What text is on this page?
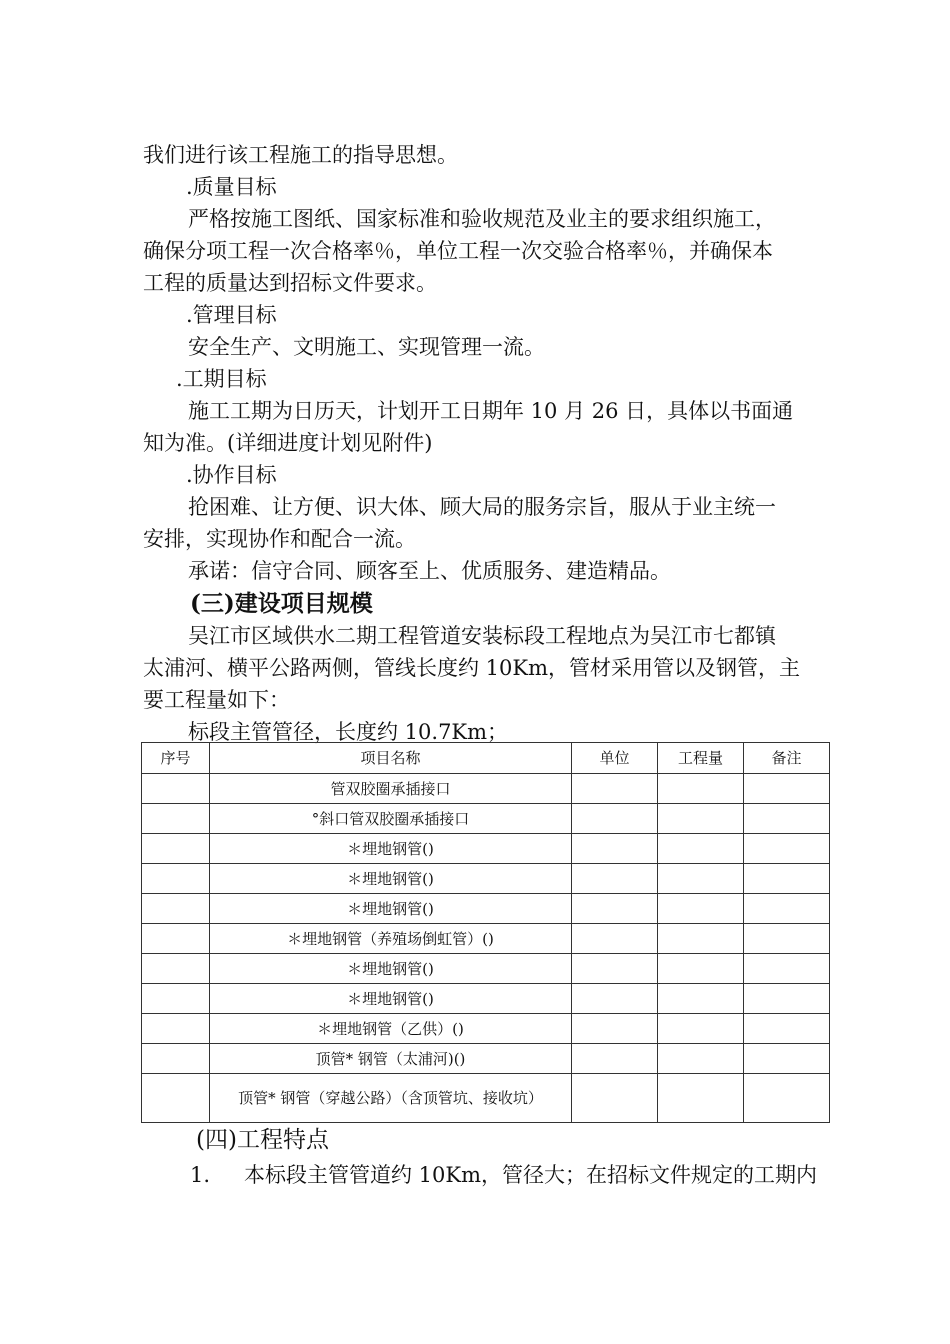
我们进行该工程施工的指导思想。
.质量目标
严格按施工图纸、国家标准和验收规范及业主的要求组织施工，
确保分项工程一次合格率％，单位工程一次交验合格率％，并确保本
工程的质量达到招标文件要求。
.管理目标
安全生产、文明施工、实现管理一流。
.工期目标
施工工期为日历天，计划开工日期年 10 月 26 日，具体以书面通
知为准。(详细进度计划见附件)
.协作目标
抢困难、让方便、识大体、顾大局的服务宗旨，服从于业主统一
安排，实现协作和配合一流。
承诺：信守合同、顾客至上、优质服务、建造精品。
(三)建设项目规模
吴江市区域供水二期工程管道安装标段工程地点为吴江市七都镇
太浦河、横平公路两侧，管线长度约 10Km，管材采用管以及钢管，主
要工程量如下：
标段主管管径，长度约 10.7Km；
序号	项目名称	单位	工程量	备注
	管双胶圈承插接口			
	°斜口管双胶圈承插接口			
	＊埋地钢管()			
	＊埋地钢管()			
	＊埋地钢管()			
	＊埋地钢管（养殖场倒虹管）()			
	＊埋地钢管()			
	＊埋地钢管()			
	＊埋地钢管（乙供）()			
	顶管* 钢管（太浦河)()			
	顶管* 钢管（穿越公路）（含顶管坑、接收坑）			
(四)工程特点
1. 本标段主管管道约 10Km，管径大；在招标文件规定的工期内
